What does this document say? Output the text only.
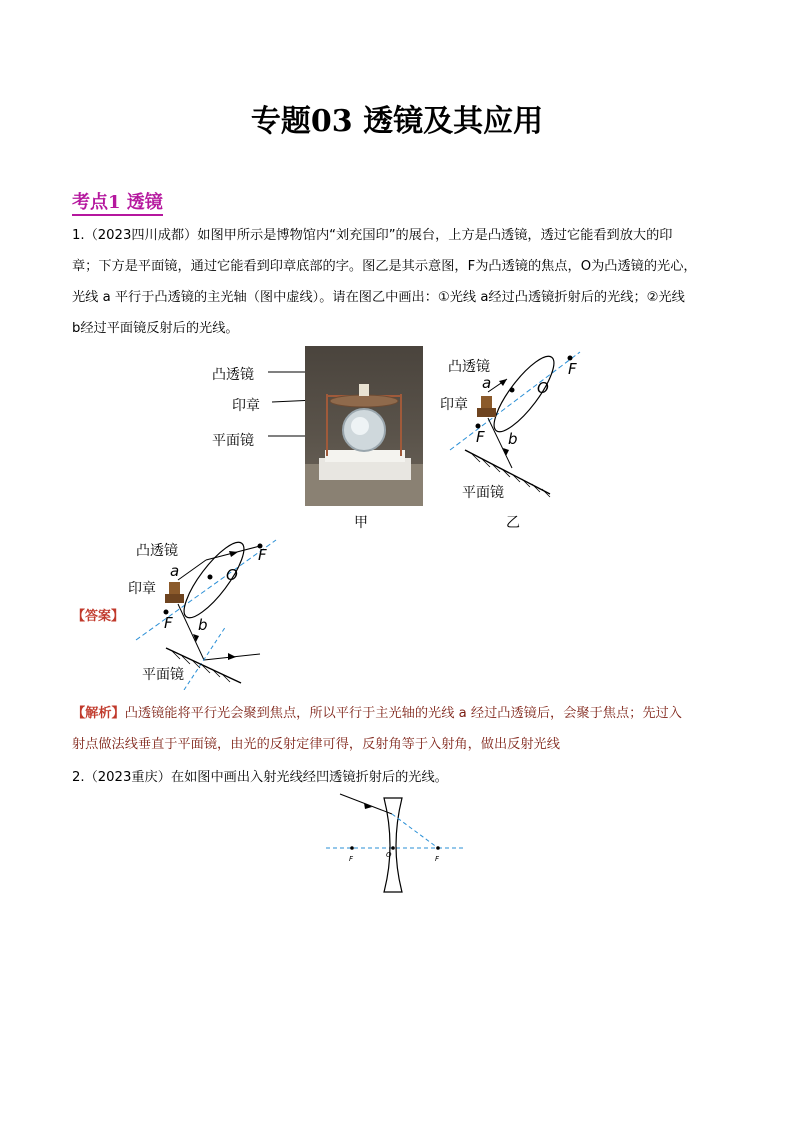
专题03 透镜及其应用
考点1 透镜
1.（2023四川成都）如图甲所示是博物馆内“刘充国印”的展台，上方是凸透镜，透过它能看到放大的印
章；下方是平面镜，通过它能看到印章底部的字。图乙是其示意图，F为凸透镜的焦点，O为凸透镜的光心，
光线 a 平行于凸透镜的主光轴（图中虚线）。请在图乙中画出：①光线 a经过凸透镜折射后的光线；②光线
b经过平面镜反射后的光线。
凸透镜
印章
平面镜
甲
a	O
F
F b
凸透镜
印章
平面镜
乙
【答案】
a	O
F
F b
凸透镜
印章
平面镜
【解析】凸透镜能将平行光会聚到焦点，所以平行于主光轴的光线 a 经过凸透镜后，会聚于焦点；先过入
射点做法线垂直于平面镜，由光的反射定律可得，反射角等于入射角，做出反射光线
2.（2023重庆）在如图中画出入射光线经凹透镜折射后的光线。
F	O	F
